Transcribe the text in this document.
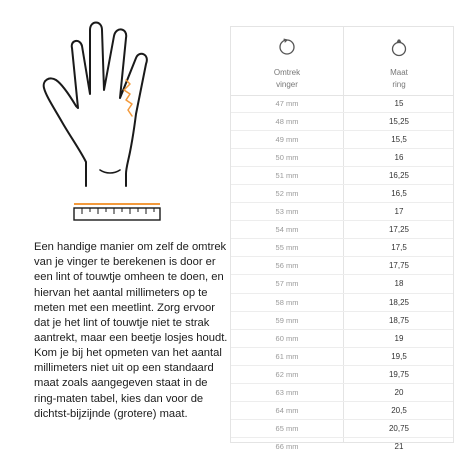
Een handige manier om zelf de omtrek van je vinger te berekenen is door er een lint of touwtje omheen te doen, en hiervan het aantal millimeters op te meten met een meetlint. Zorg ervoor dat je het lint of touwtje niet te strak aantrekt, maar een beetje losjes houdt.

Kom je bij het opmeten van het aantal millimeters niet uit op een standaard maat zoals aangegeven staat in de ring-maten tabel, kies dan voor de dichtst-bijzijnde (grotere) maat.

Omtrek
vinger
Maat
ring
47 mm	15
48 mm	15,25
49 mm	15,5
50 mm	16
51 mm	16,25
52 mm	16,5
53 mm	17
54 mm	17,25
55 mm	17,5
56 mm	17,75
57 mm	18
58 mm	18,25
59 mm	18,75
60 mm	19
61 mm	19,5
62 mm	19,75
63 mm	20
64 mm	20,5
65 mm	20,75
66 mm	21
